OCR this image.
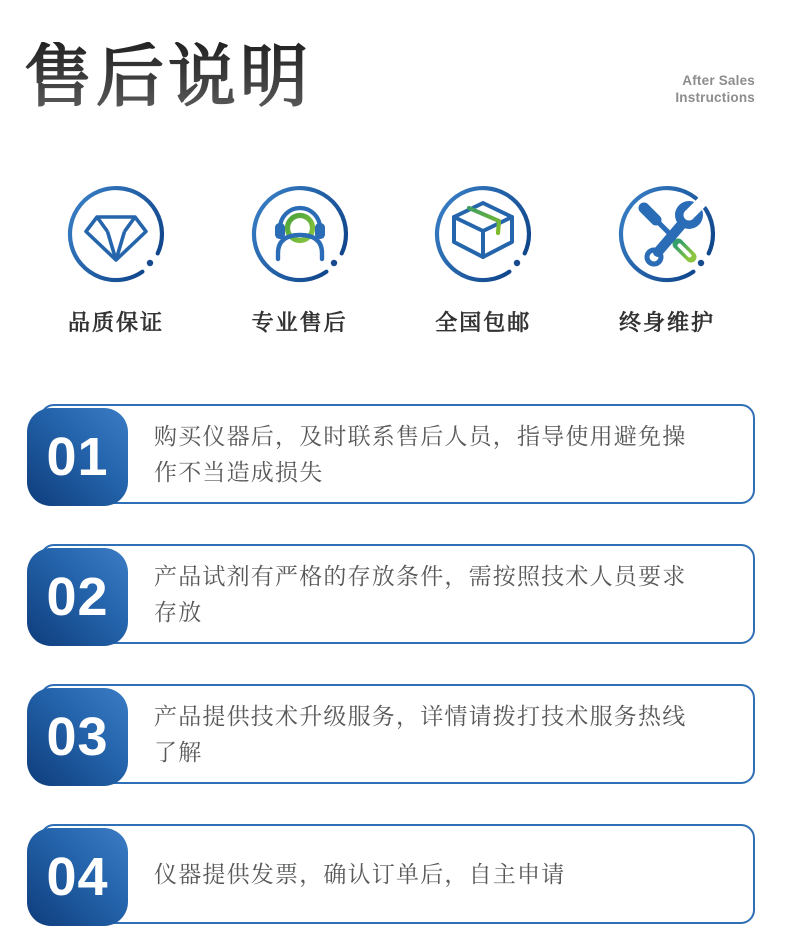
售后说明	After Sales
Instructions
品质保证	专业售后	全国包邮	终身维护
01	购买仪器后，及时联系售后人员，指导使用避免操作不当造成损失
02	产品试剂有严格的存放条件，需按照技术人员要求存放
03	产品提供技术升级服务，详情请拨打技术服务热线了解
04	仪器提供发票，确认订单后，自主申请
